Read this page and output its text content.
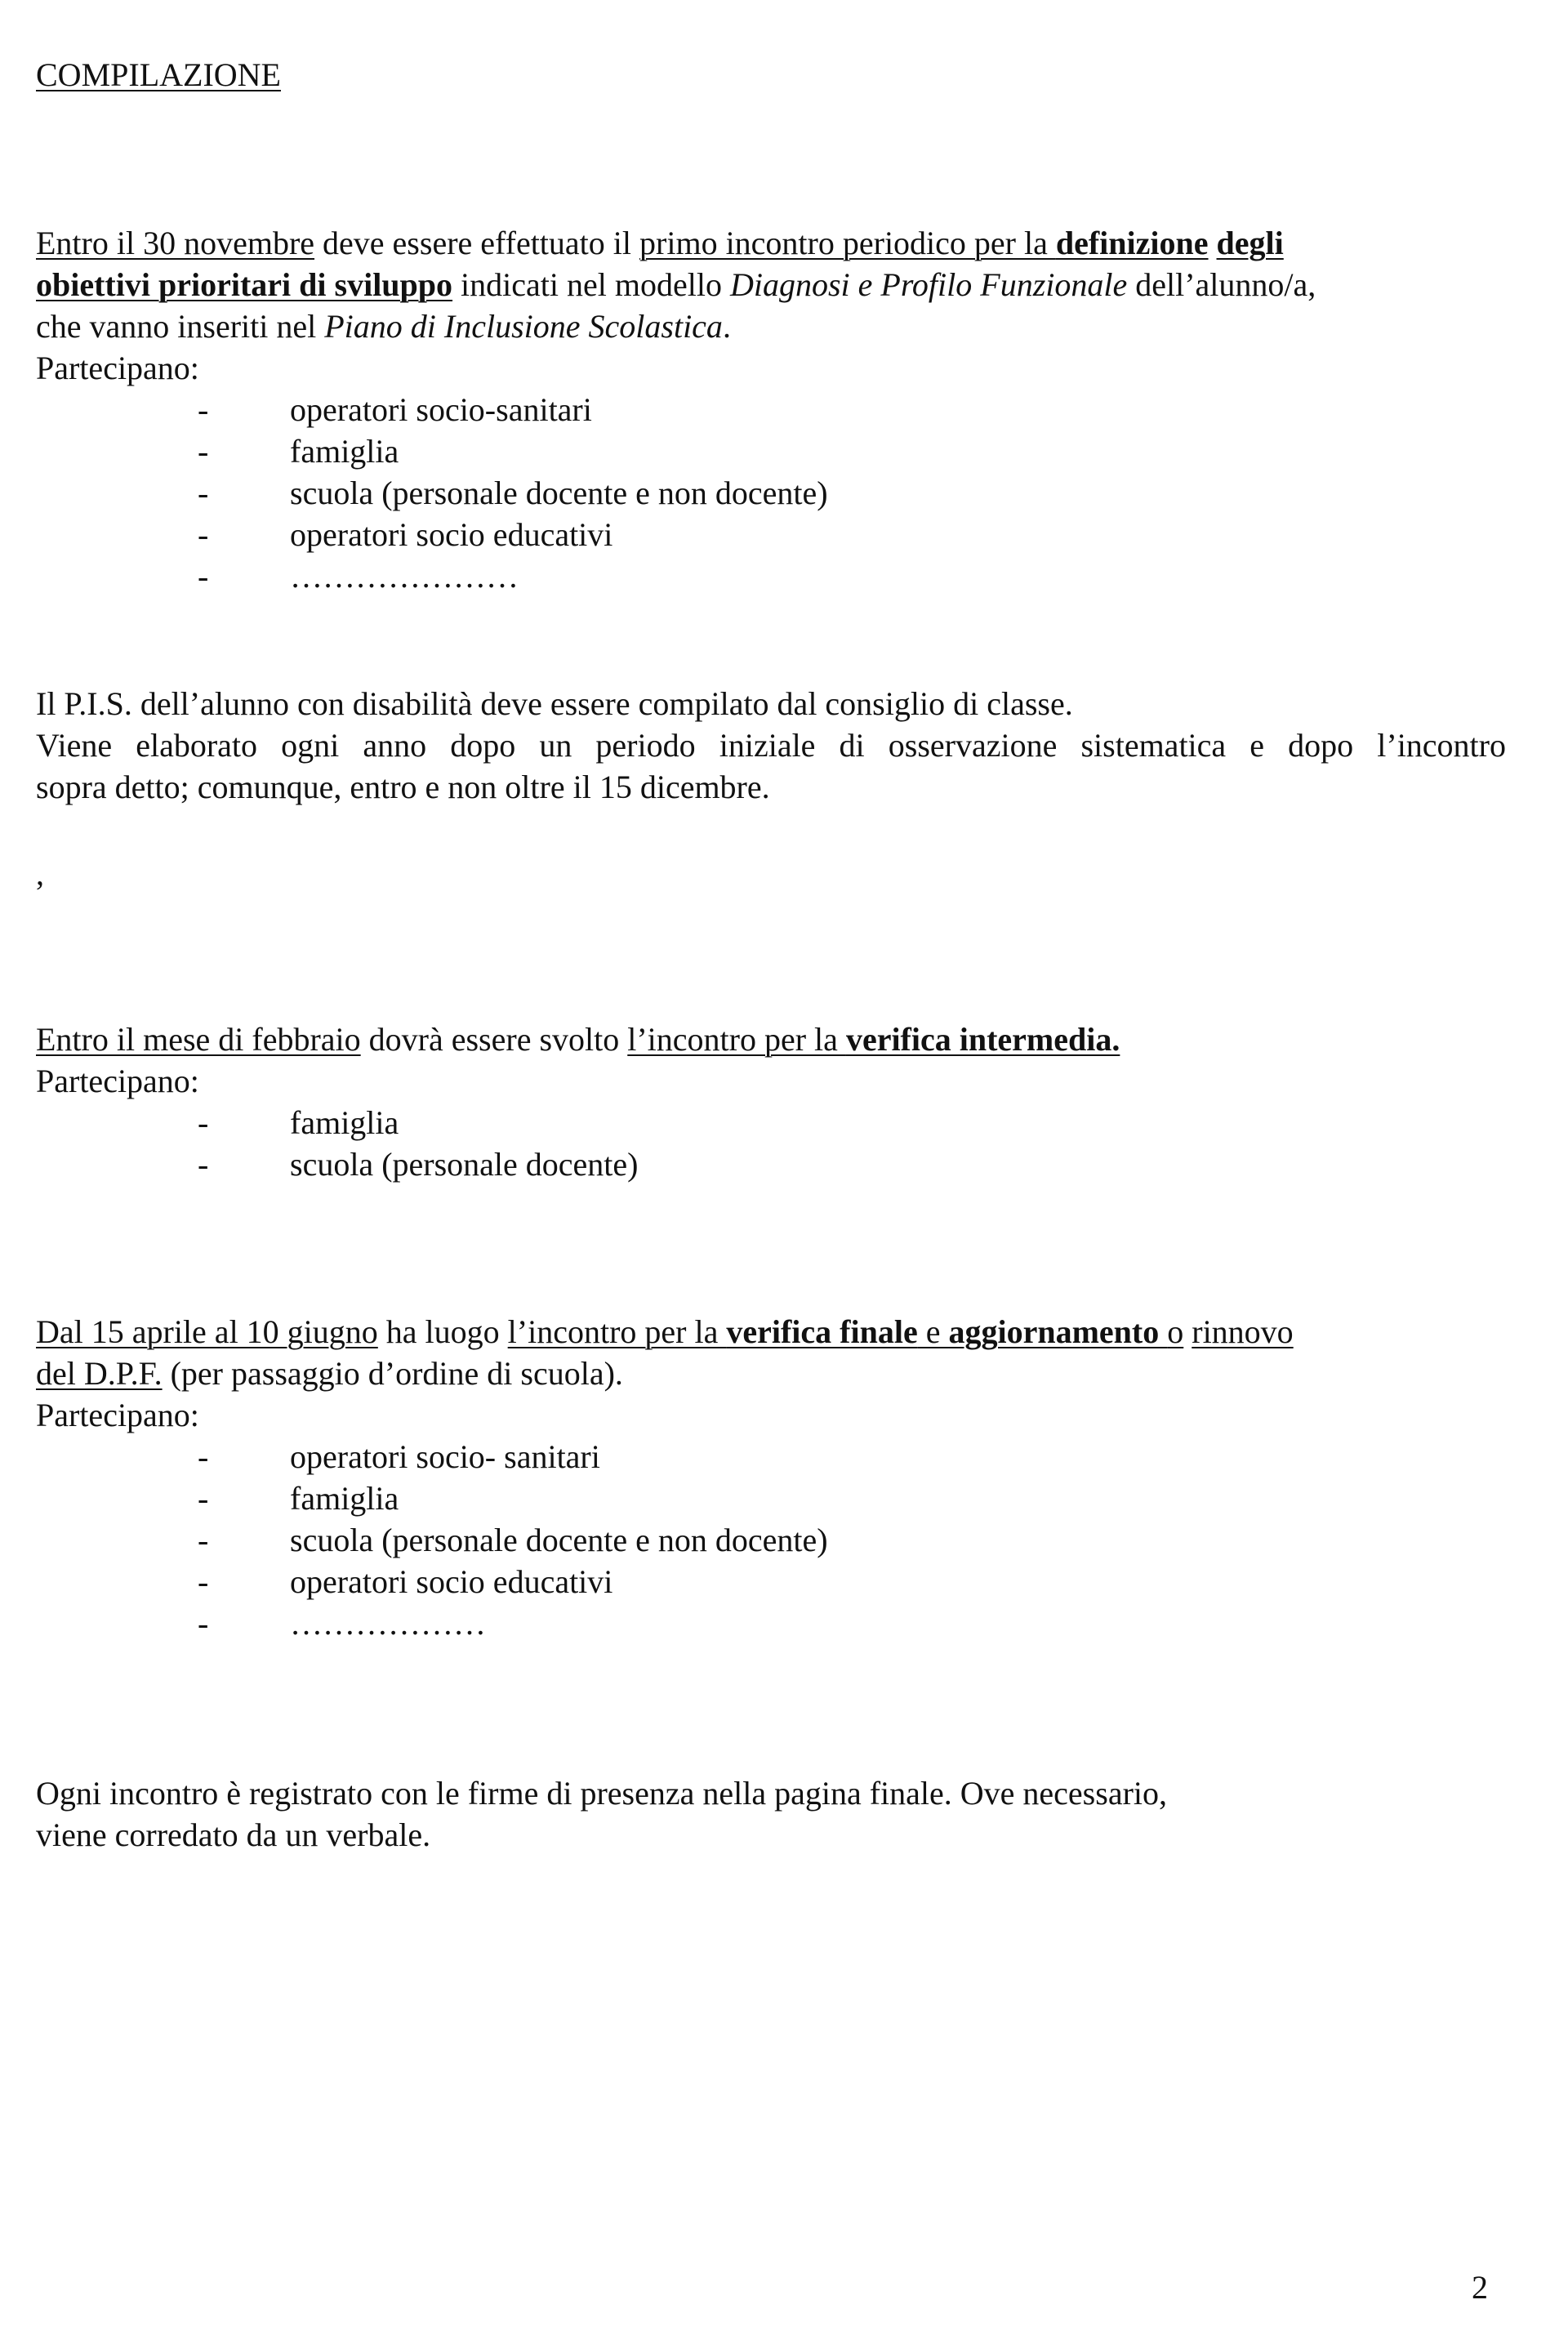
COMPILAZIONE

Entro il 30 novembre deve essere effettuato il primo incontro periodico per la definizione degli

obiettivi prioritari di sviluppo indicati nel modello Diagnosi e Profilo Funzionale dell’alunno/a,

che vanno inseriti nel Piano di Inclusione Scolastica.

Partecipano:

- operatori socio-sanitari
- famiglia
- scuola (personale docente e non docente)
- operatori socio educativi
- …………………

Il P.I.S. dell’alunno con disabilità deve essere compilato dal consiglio di classe.

Viene elaborato ogni anno dopo un periodo iniziale di osservazione sistematica e dopo l’incontro

sopra detto; comunque, entro e non oltre il 15 dicembre.

,

Entro il mese di febbraio dovrà essere svolto l’incontro per la verifica intermedia.

Partecipano:

- famiglia
- scuola (personale docente)

Dal 15 aprile al 10 giugno ha luogo l’incontro per la verifica finale e aggiornamento o rinnovo

del D.P.F. (per passaggio d’ordine di scuola).

Partecipano:

- operatori socio- sanitari
- famiglia
- scuola (personale docente e non docente)
- operatori socio educativi
- ………………

Ogni incontro è registrato con le firme di presenza nella pagina finale. Ove necessario,

viene corredato da un verbale.

2
